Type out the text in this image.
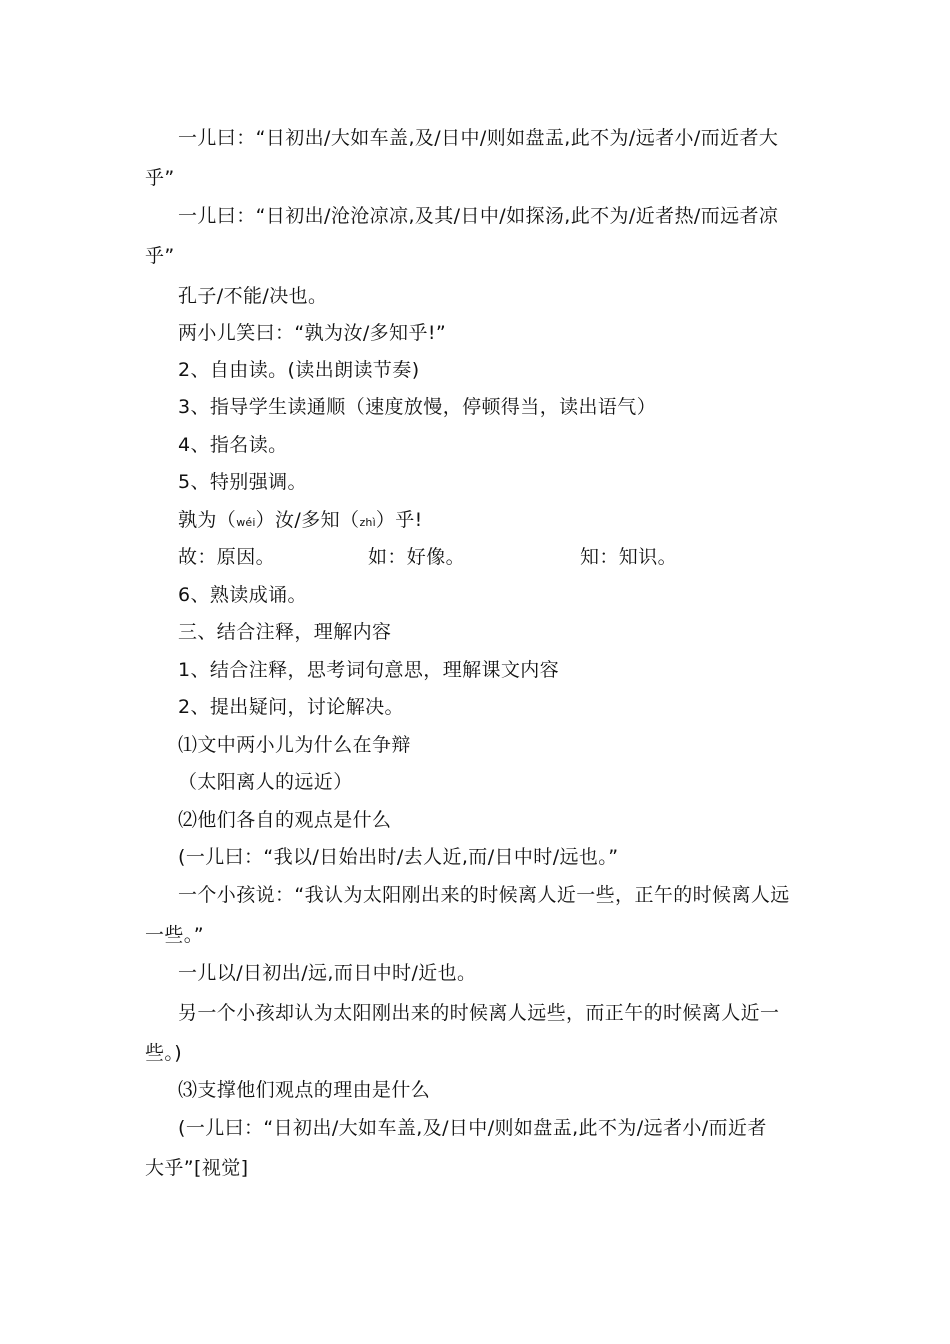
一儿曰：“日初出/大如车盖,及/日中/则如盘盂,此不为/远者小/而近者大
乎”
一儿曰：“日初出/沧沧凉凉,及其/日中/如探汤,此不为/近者热/而远者凉
乎”
孔子/不能/决也。
两小儿笑曰：“孰为汝/多知乎!”
2、自由读。(读出朗读节奏)
3、指导学生读通顺（速度放慢，停顿得当，读出语气）
4、指名读。
5、特别强调。
孰为（wéi）汝/多知（zhì）乎!
故：原因。	如：好像。	知：知识。
6、熟读成诵。
三、结合注释，理解内容
1、结合注释，思考词句意思，理解课文内容
2、提出疑问，讨论解决。
⑴文中两小儿为什么在争辩
（太阳离人的远近）
⑵他们各自的观点是什么
(一儿曰：“我以/日始出时/去人近,而/日中时/远也。”
一个小孩说：“我认为太阳刚出来的时候离人近一些，正午的时候离人远
一些。”
一儿以/日初出/远,而日中时/近也。
另一个小孩却认为太阳刚出来的时候离人远些，而正午的时候离人近一
些。)
⑶支撑他们观点的理由是什么
(一儿曰：“日初出/大如车盖,及/日中/则如盘盂,此不为/远者小/而近者
大乎”[视觉]
